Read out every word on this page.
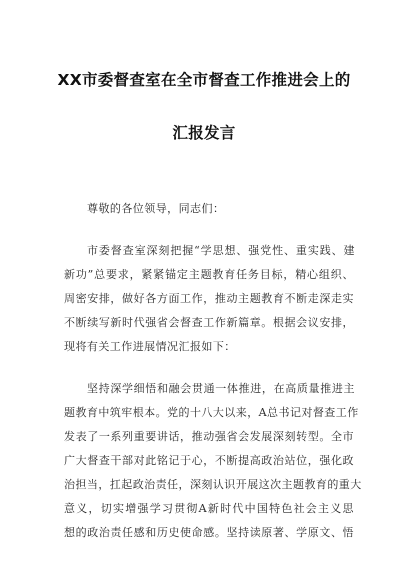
XX市委督查室在全市督查工作推进会上的
汇报发言
尊敬的各位领导，同志们：
市委督查室深刻把握“学思想、强党性、重实践、建
新功”总要求，紧紧锚定主题教育任务目标，精心组织、
周密安排，做好各方面工作，推动主题教育不断走深走实
不断续写新时代强省会督查工作新篇章。根据会议安排，
现将有关工作进展情况汇报如下：
坚持深学细悟和融会贯通一体推进，在高质量推进主
题教育中筑牢根本。党的十八大以来，A总书记对督查工作
发表了一系列重要讲话，推动强省会发展深刻转型。全市
广大督查干部对此铭记于心，不断提高政治站位，强化政
治担当，扛起政治责任，深刻认识开展这次主题教育的重大
意义，切实增强学习贯彻A新时代中国特色社会主义思
想的政治责任感和历史使命感。坚持读原著、学原文、悟
